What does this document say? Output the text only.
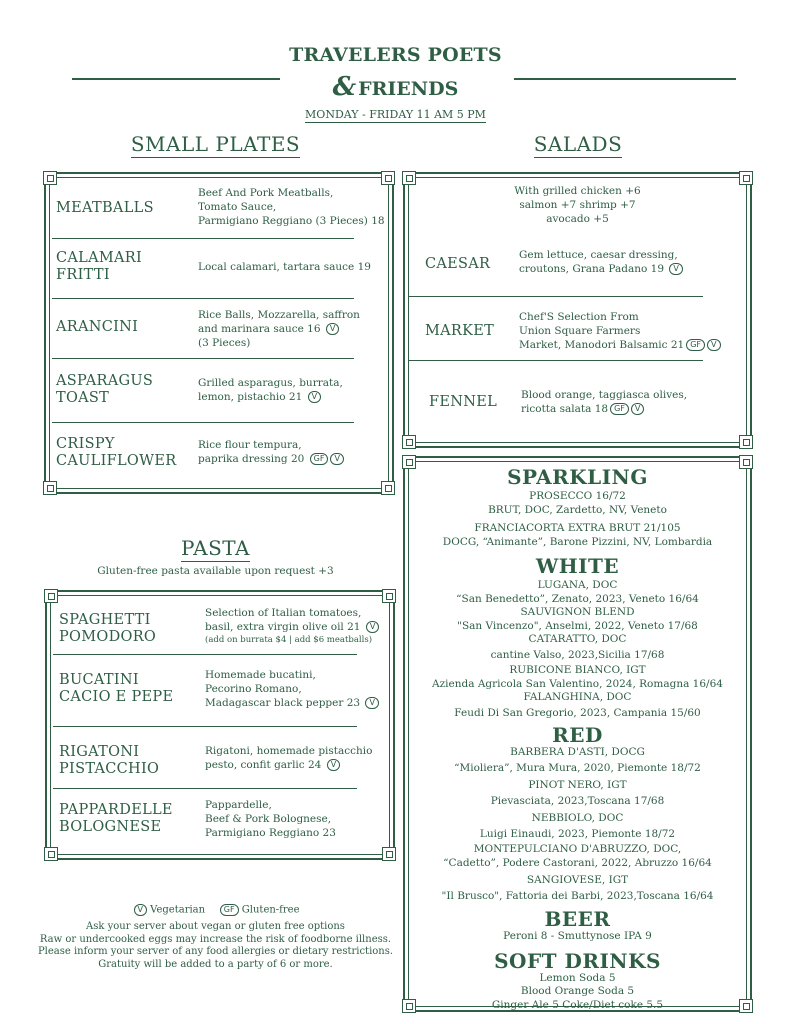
TRAVELERS POETS
& FRIENDS
MONDAY - FRIDAY 11 AM 5 PM
SMALL PLATES
MEATBALLS
Beef And Pork Meatballs,
Tomato Sauce,
Parmigiano Reggiano (3 Pieces) 18
CALAMARI
FRITTI	Local calamari, tartara sauce 19
ARANCINI
Rice Balls, Mozzarella, saffron
and marinara sauce 16 V
(3 Pieces)
ASPARAGUS
TOAST
Grilled asparagus, burrata,
lemon, pistachio 21 V
CRISPY
CAULIFLOWER
Rice flour tempura,
paprika dressing 20 GF V
SALADS
With grilled chicken +6
salmon +7 shrimp +7
avocado +5
CAESAR
Gem lettuce, caesar dressing,
croutons, Grana Padano 19 V
MARKET
Chef'S Selection From
Union Square Farmers
Market, Manodori Balsamic 21 GF V
FENNEL Blood orange, taggiasca olives,
ricotta salata 18 GF V
PASTA
Gluten-free pasta available upon request +3
SPAGHETTI
POMODORO
Selection of Italian tomatoes,
basil, extra virgin olive oil 21 V
(add on burrata $4 | add $6 meatballs)
BUCATINI
CACIO E PEPE
Homemade bucatini,
Pecorino Romano,
Madagascar black pepper 23 V
RIGATONI
PISTACCHIO
Rigatoni, homemade pistacchio
pesto, confit garlic 24 V
PAPPARDELLE
BOLOGNESE
Pappardelle,
Beef & Pork Bolognese,
Parmigiano Reggiano 23
V Vegetarian GF Gluten-free
Ask your server about vegan or gluten free options
Raw or undercooked eggs may increase the risk of foodborne illness.
Please inform your server of any food allergies or dietary restrictions.
Gratuity will be added to a party of 6 or more.
SPARKLING
PROSECCO 16/72
BRUT, DOC, Zardetto, NV, Veneto
FRANCIACORTA EXTRA BRUT 21/105
DOCG, “Animante”, Barone Pizzini, NV, Lombardia
WHITE
LUGANA, DOC
“San Benedetto”, Zenato, 2023, Veneto 16/64
SAUVIGNON BLEND
"San Vincenzo", Anselmi, 2022, Veneto 17/68
CATARATTO, DOC
cantine Valso, 2023,Sicilia 17/68
RUBICONE BIANCO, IGT
Azienda Agricola San Valentino, 2024, Romagna 16/64
FALANGHINA, DOC
Feudi Di San Gregorio, 2023, Campania 15/60
RED
BARBERA D'ASTI, DOCG
“Mioliera”, Mura Mura, 2020, Piemonte 18/72
PINOT NERO, IGT
Pievasciata, 2023,Toscana 17/68
NEBBIOLO, DOC
Luigi Einaudi, 2023, Piemonte 18/72
MONTEPULCIANO D'ABRUZZO, DOC,
“Cadetto”, Podere Castorani, 2022, Abruzzo 16/64
SANGIOVESE, IGT
"Il Brusco", Fattoria dei Barbi, 2023,Toscana 16/64
BEER
Peroni 8 - Smuttynose IPA 9
SOFT DRINKS
Lemon Soda 5
Blood Orange Soda 5
Ginger Ale 5 Coke/Diet coke 5.5
